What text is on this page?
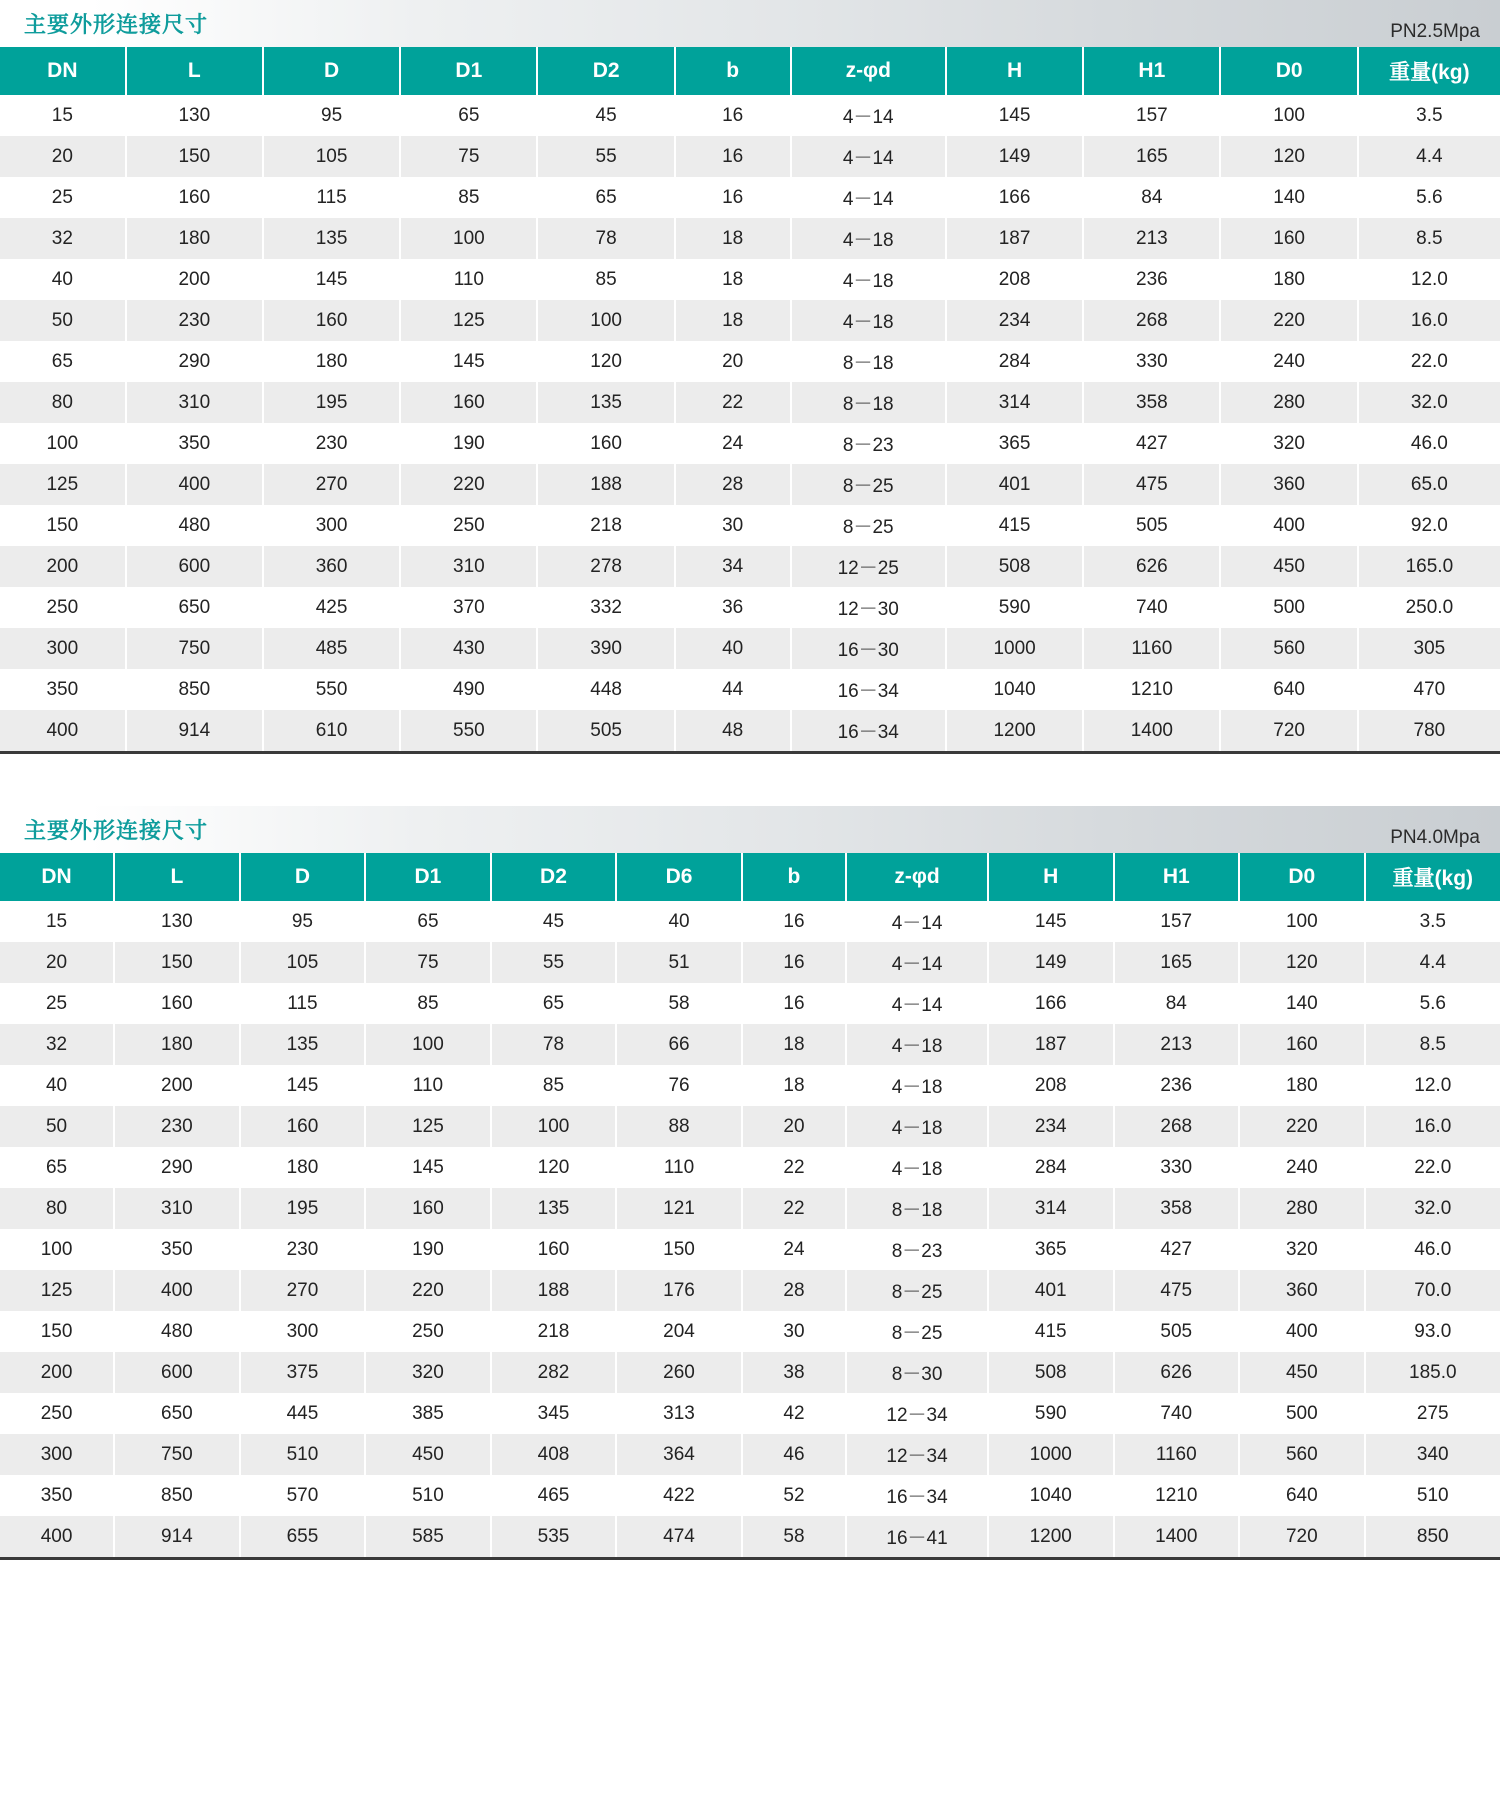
主要外形连接尺寸	PN2.5Mpa
DN	L	D	D1	D2	b	z-φd	H	H1	D0	重量(kg)
15	130	95	65	45	16	4－14	145	157	100	3.5
20	150	105	75	55	16	4－14	149	165	120	4.4
25	160	115	85	65	16	4－14	166	84	140	5.6
32	180	135	100	78	18	4－18	187	213	160	8.5
40	200	145	110	85	18	4－18	208	236	180	12.0
50	230	160	125	100	18	4－18	234	268	220	16.0
65	290	180	145	120	20	8－18	284	330	240	22.0
80	310	195	160	135	22	8－18	314	358	280	32.0
100	350	230	190	160	24	8－23	365	427	320	46.0
125	400	270	220	188	28	8－25	401	475	360	65.0
150	480	300	250	218	30	8－25	415	505	400	92.0
200	600	360	310	278	34	12－25	508	626	450	165.0
250	650	425	370	332	36	12－30	590	740	500	250.0
300	750	485	430	390	40	16－30	1000	1160	560	305
350	850	550	490	448	44	16－34	1040	1210	640	470
400	914	610	550	505	48	16－34	1200	1400	720	780
主要外形连接尺寸	PN4.0Mpa
DN	L	D	D1	D2	D6	b	z-φd	H	H1	D0	重量(kg)
15	130	95	65	45	40	16	4－14	145	157	100	3.5
20	150	105	75	55	51	16	4－14	149	165	120	4.4
25	160	115	85	65	58	16	4－14	166	84	140	5.6
32	180	135	100	78	66	18	4－18	187	213	160	8.5
40	200	145	110	85	76	18	4－18	208	236	180	12.0
50	230	160	125	100	88	20	4－18	234	268	220	16.0
65	290	180	145	120	110	22	4－18	284	330	240	22.0
80	310	195	160	135	121	22	8－18	314	358	280	32.0
100	350	230	190	160	150	24	8－23	365	427	320	46.0
125	400	270	220	188	176	28	8－25	401	475	360	70.0
150	480	300	250	218	204	30	8－25	415	505	400	93.0
200	600	375	320	282	260	38	8－30	508	626	450	185.0
250	650	445	385	345	313	42	12－34	590	740	500	275
300	750	510	450	408	364	46	12－34	1000	1160	560	340
350	850	570	510	465	422	52	16－34	1040	1210	640	510
400	914	655	585	535	474	58	16－41	1200	1400	720	850
